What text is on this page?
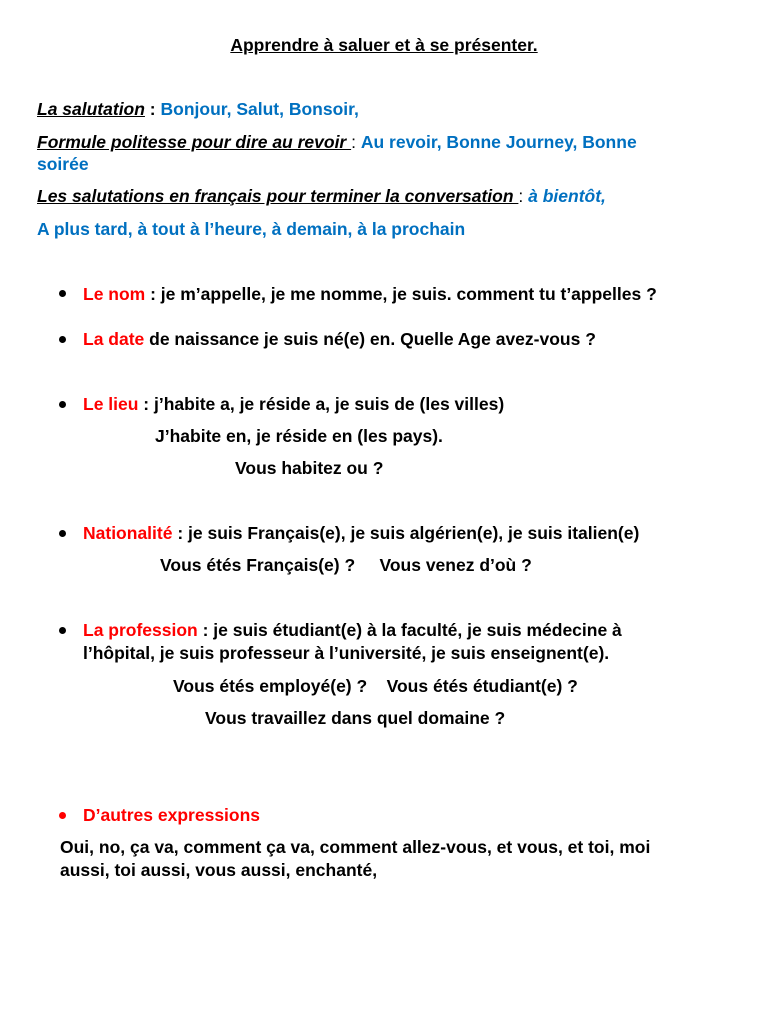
Apprendre à saluer et à se présenter.
La salutation : Bonjour, Salut, Bonsoir,
Formule politesse pour dire au revoir : Au revoir, Bonne Journey, Bonne
soirée
Les salutations en français pour terminer la conversation : à bientôt,
A plus tard, à tout à l’heure, à demain, à la prochain
Le nom : je m’appelle, je me nomme, je suis. comment tu t’appelles ?
La date de naissance je suis né(e) en. Quelle Age avez-vous ?
Le lieu : j’habite a, je réside a, je suis de (les villes)
J’habite en, je réside en (les pays).
Vous habitez ou ?
Nationalité : je suis Français(e), je suis algérien(e), je suis italien(e)
Vous étés Français(e) ?     Vous venez d’où ?
La profession : je suis étudiant(e) à la faculté, je suis médecine à
l’hôpital, je suis professeur à l’université, je suis enseignent(e).
Vous étés employé(e) ?    Vous étés étudiant(e) ?
Vous travaillez dans quel domaine ?
D’autres expressions
Oui, no, ça va, comment ça va, comment allez-vous, et vous, et toi, moi
aussi, toi aussi, vous aussi, enchanté,
